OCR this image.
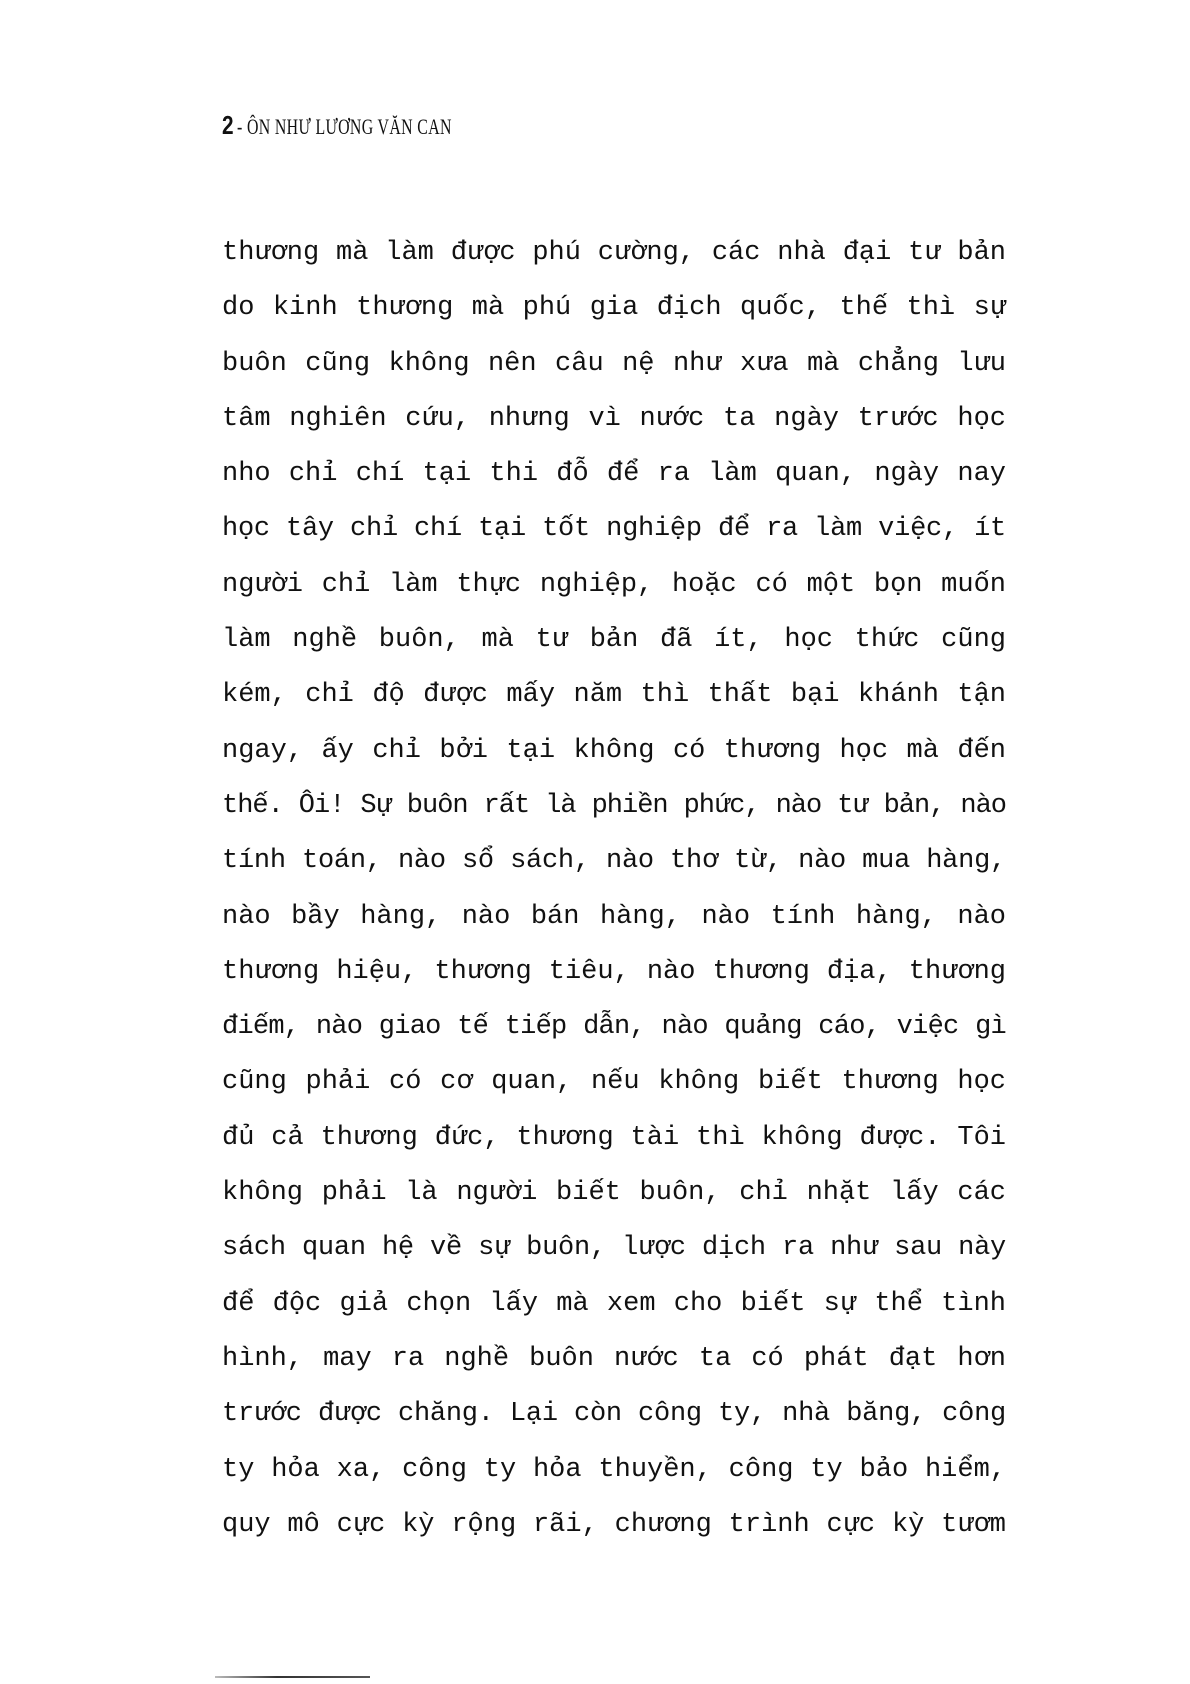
2 - ÔN NHƯ LƯƠNG VĂN CAN
thương mà làm được phú cường, các nhà đại tư bản
do kinh thương mà phú gia địch quốc, thế thì sự
buôn cũng không nên câu nệ như xưa mà chẳng lưu
tâm nghiên cứu, nhưng vì nước ta ngày trước học
nho chỉ chí tại thi đỗ để ra làm quan, ngày nay
học tây chỉ chí tại tốt nghiệp để ra làm việc, ít
người chỉ làm thực nghiệp, hoặc có một bọn muốn
làm nghề buôn, mà tư bản đã ít, học thức cũng
kém, chỉ độ được mấy năm thì thất bại khánh tận
ngay, ấy chỉ bởi tại không có thương học mà đến
thế. Ôi! Sự buôn rất là phiền phức, nào tư bản, nào
tính toán, nào sổ sách, nào thơ từ, nào mua hàng,
nào bầy hàng, nào bán hàng, nào tính hàng, nào
thương hiệu, thương tiêu, nào thương địa, thương
điếm, nào giao tế tiếp dẫn, nào quảng cáo, việc gì
cũng phải có cơ quan, nếu không biết thương học
đủ cả thương đức, thương tài thì không được. Tôi
không phải là người biết buôn, chỉ nhặt lấy các
sách quan hệ về sự buôn, lược dịch ra như sau này
để độc giả chọn lấy mà xem cho biết sự thể tình
hình, may ra nghề buôn nước ta có phát đạt hơn
trước được chăng. Lại còn công ty, nhà băng, công
ty hỏa xa, công ty hỏa thuyền, công ty bảo hiểm,
quy mô cực kỳ rộng rãi, chương trình cực kỳ tươm
